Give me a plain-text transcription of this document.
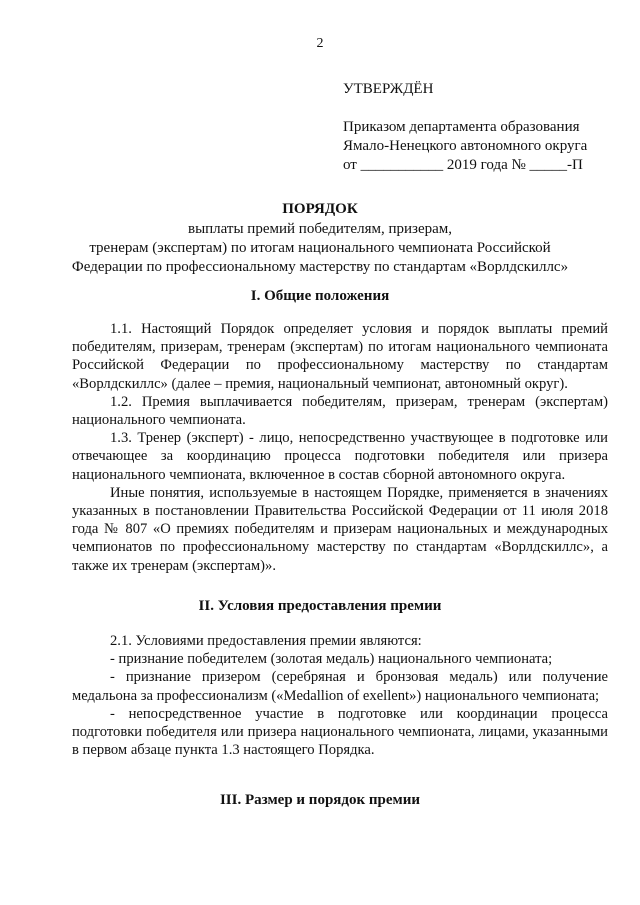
2
УТВЕРЖДЁН
Приказом департамента образования
Ямало-Ненецкого автономного округа
от ___________ 2019 года № _____-П
ПОРЯДОК
выплаты премий победителям, призерам,
тренерам (экспертам) по итогам национального чемпионата Российской
Федерации по профессиональному мастерству по стандартам «Ворлдскиллс»
I. Общие положения

1.1. Настоящий Порядок определяет условия и порядок выплаты премий победителям, призерам, тренерам (экспертам) по итогам национального чемпионата Российской Федерации по профессиональному мастерству по стандартам «Ворлдскиллс» (далее – премия, национальный чемпионат, автономный округ).

1.2. Премия выплачивается победителям, призерам, тренерам (экспертам) национального чемпионата.

1.3. Тренер (эксперт) - лицо, непосредственно участвующее в подготовке или отвечающее за координацию процесса подготовки победителя или призера национального чемпионата, включенное в состав сборной автономного округа.

Иные понятия, используемые в настоящем Порядке, применяется в значениях указанных в постановлении Правительства Российской Федерации от 11 июля 2018 года № 807 «О премиях победителям и призерам национальных и международных чемпионатов по профессиональному мастерству по стандартам «Ворлдскиллс», а также их тренерам (экспертам)».

II. Условия предоставления премии

2.1. Условиями предоставления премии являются:

- признание победителем (золотая медаль) национального чемпионата;

- признание призером (серебряная и бронзовая медаль) или получение медальона за профессионализм («Medallion of exellent») национального чемпионата;

- непосредственное участие в подготовке или координации процесса подготовки победителя или призера национального чемпионата, лицами, указанными в первом абзаце пункта 1.3 настоящего Порядка.

III. Размер и порядок премии
